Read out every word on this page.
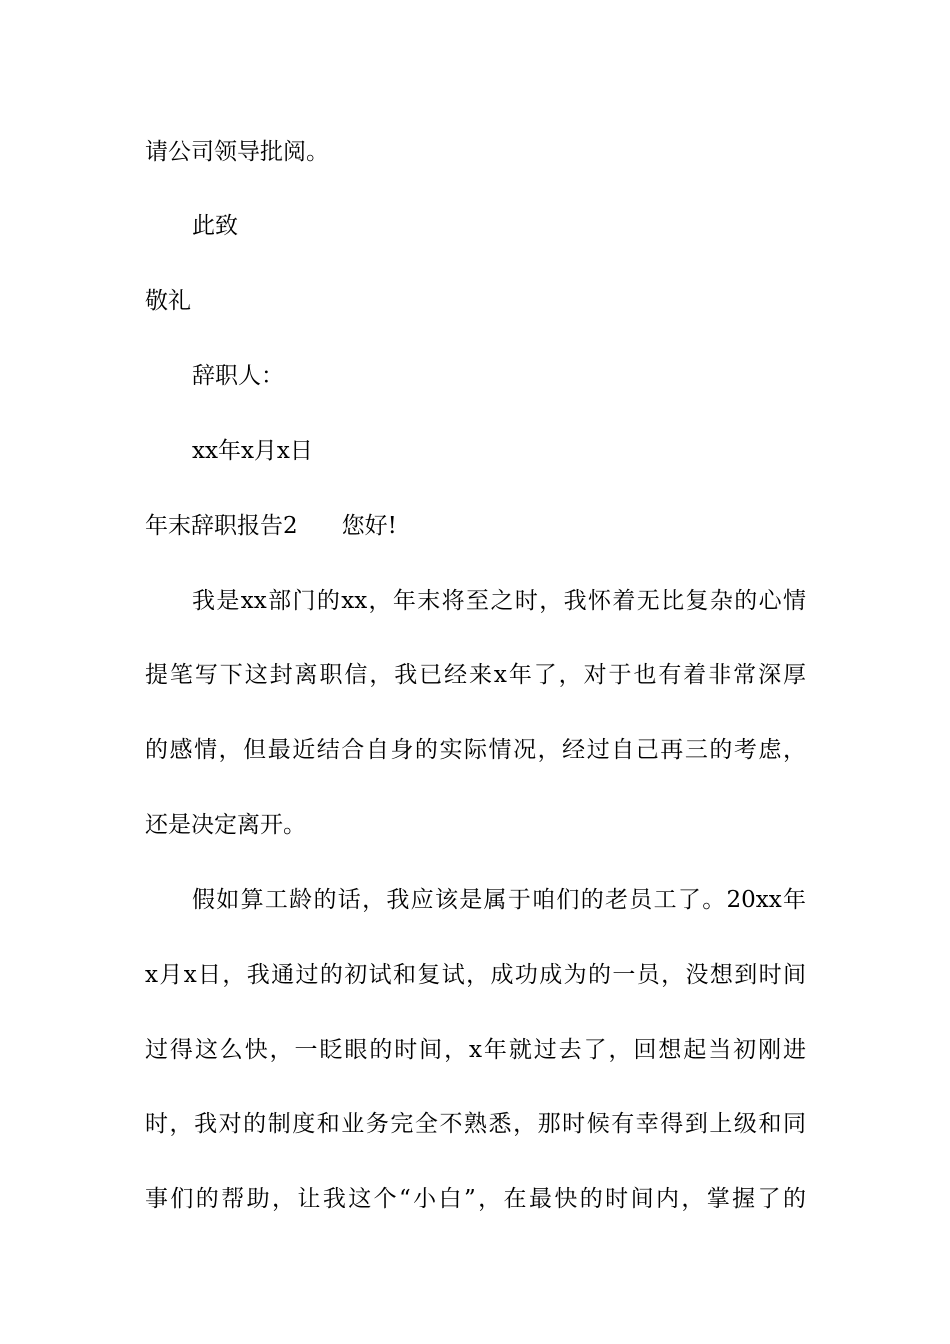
请公司领导批阅。

此致

敬礼

辞职人：

xx年x月x日

年末辞职报告2 您好!

我是xx部门的xx，年末将至之时，我怀着无比复杂的心情

提笔写下这封离职信，我已经来x年了，对于也有着非常深厚

的感情，但最近结合自身的实际情况，经过自己再三的考虑，

还是决定离开。

假如算工龄的话，我应该是属于咱们的老员工了。20xx年

x月x日，我通过的初试和复试，成功成为的一员，没想到时间

过得这么快，一眨眼的时间，x年就过去了，回想起当初刚进

时，我对的制度和业务完全不熟悉，那时候有幸得到上级和同

事们的帮助，让我这个“小白”，在最快的时间内，掌握了的
